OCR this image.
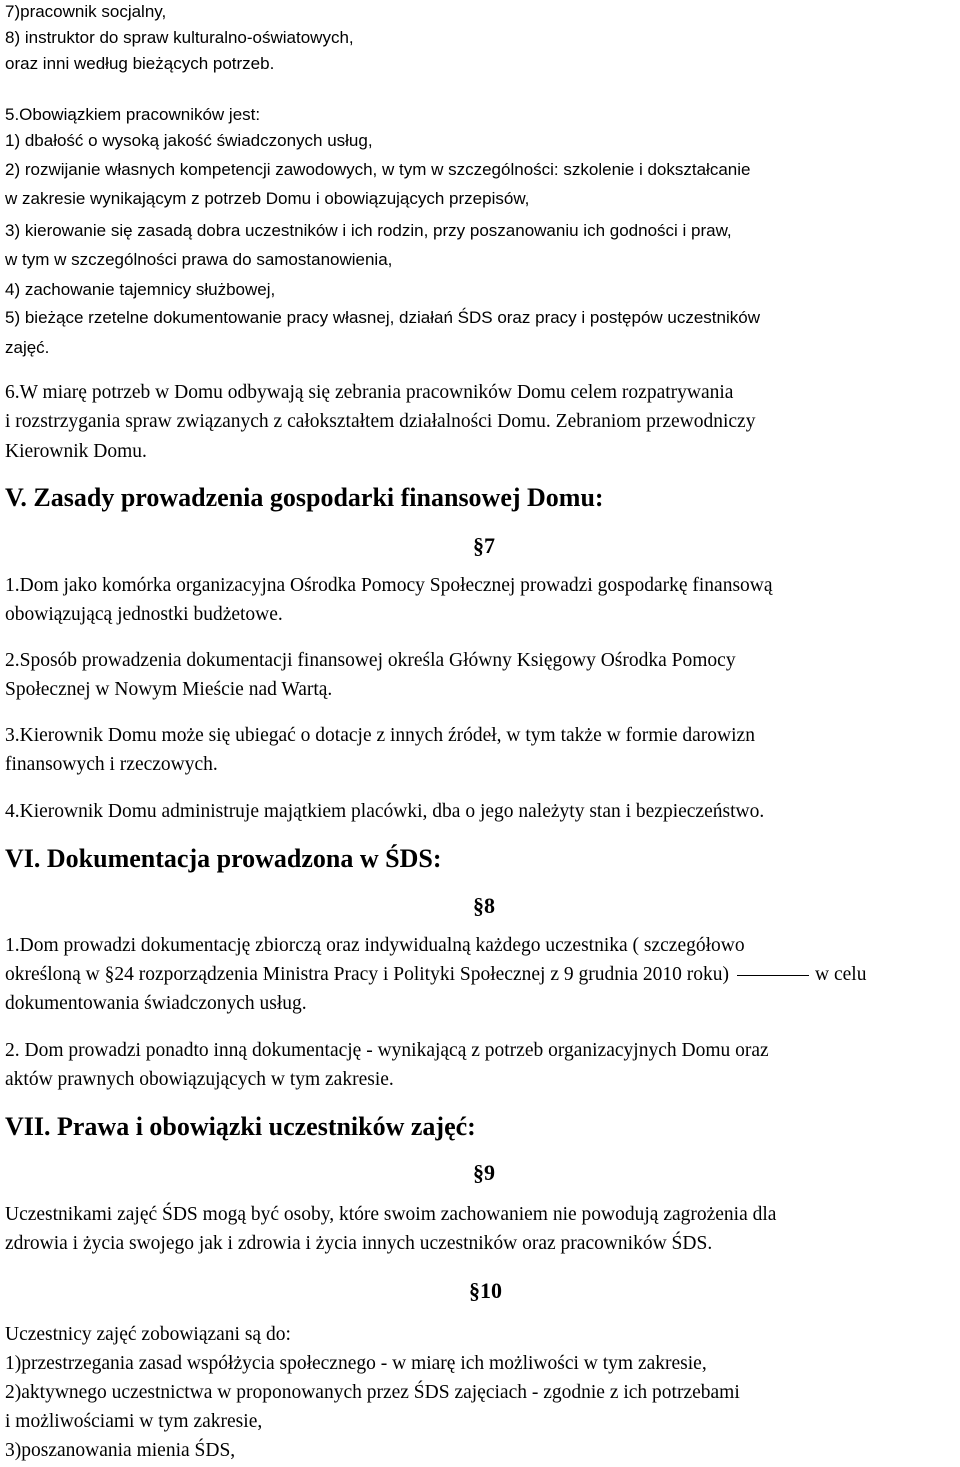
7)pracownik socjalny,
8) instruktor do spraw kulturalno-oświatowych,
oraz inni według bieżących potrzeb.
5.Obowiązkiem pracowników jest:
1) dbałość o wysoką jakość świadczonych usług,
2) rozwijanie własnych kompetencji zawodowych, w tym w szczególności: szkolenie i dokształcanie
w zakresie wynikającym z potrzeb Domu i obowiązujących przepisów,
3) kierowanie się zasadą dobra uczestników i ich rodzin, przy poszanowaniu ich godności i praw,
w tym w szczególności prawa do samostanowienia,
4) zachowanie tajemnicy służbowej,
5) bieżące rzetelne dokumentowanie pracy własnej, działań ŚDS oraz pracy i postępów uczestników
zajęć.
6.W miarę potrzeb w Domu odbywają się zebrania pracowników Domu celem rozpatrywania
i rozstrzygania spraw związanych z całokształtem działalności Domu. Zebraniom przewodniczy
Kierownik Domu.
V. Zasady prowadzenia gospodarki finansowej Domu:
§7
1.Dom jako komórka organizacyjna Ośrodka Pomocy Społecznej prowadzi gospodarkę finansową
obowiązującą jednostki budżetowe.
2.Sposób prowadzenia dokumentacji finansowej określa Główny Księgowy Ośrodka Pomocy
Społecznej w Nowym Mieście nad Wartą.
3.Kierownik Domu może się ubiegać o dotacje z innych źródeł, w tym także w formie darowizn
finansowych i rzeczowych.
4.Kierownik Domu administruje majątkiem placówki, dba o jego należyty stan i bezpieczeństwo.
VI. Dokumentacja prowadzona w ŚDS:
§8
1.Dom prowadzi dokumentację zbiorczą oraz indywidualną każdego uczestnika ( szczegółowo
określoną w §24 rozporządzenia Ministra Pracy i Polityki Społecznej z 9 grudnia 2010 roku)	w celu
dokumentowania świadczonych usług.
2. Dom prowadzi ponadto inną dokumentację - wynikającą z potrzeb organizacyjnych Domu oraz
aktów prawnych obowiązujących w tym zakresie.
VII. Prawa i obowiązki uczestników zajęć:
§9
Uczestnikami zajęć ŚDS mogą być osoby, które swoim zachowaniem nie powodują zagrożenia dla
zdrowia i życia swojego jak i zdrowia i życia innych uczestników oraz pracowników ŚDS.
§10
Uczestnicy zajęć zobowiązani są do:
1)przestrzegania zasad współżycia społecznego - w miarę ich możliwości w tym zakresie,
2)aktywnego uczestnictwa w proponowanych przez ŚDS zajęciach - zgodnie z ich potrzebami
i możliwościami w tym zakresie,
3)poszanowania mienia ŚDS,
